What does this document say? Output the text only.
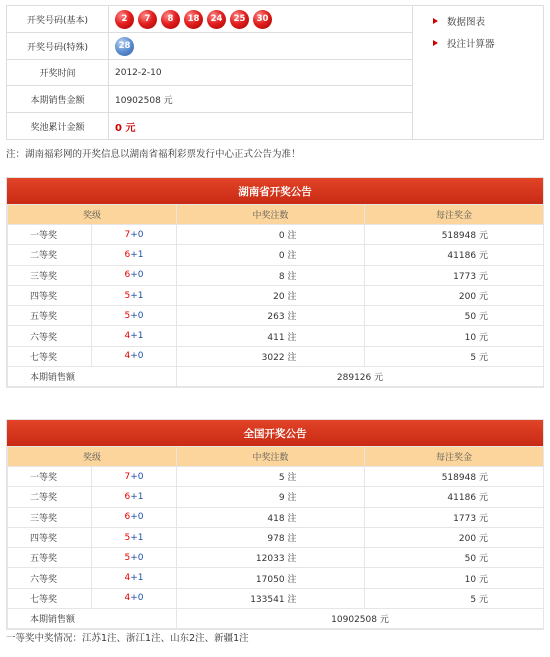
开奖号码(基本)	2	7	8	18	24	25	30
开奖号码(特殊)	28
开奖时间	2012-2-10
本期销售金额	10902508 元
奖池累计金额	0 元
数据图表
投注计算器
注：湖南福彩网的开奖信息以湖南省福利彩票发行中心正式公告为准！
湖南省开奖公告
奖级		中奖注数	每注奖金
一等奖	7+0	0 注	518948 元
二等奖	6+1	0 注	41186 元
三等奖	6+0	8 注	1773 元
四等奖	5+1	20 注	200 元
五等奖	5+0	263 注	50 元
六等奖	4+1	411 注	10 元
七等奖	4+0	3022 注	5 元
本期销售额		289126 元	
全国开奖公告
奖级		中奖注数	每注奖金
一等奖	7+0	5 注	518948 元
二等奖	6+1	9 注	41186 元
三等奖	6+0	418 注	1773 元
四等奖	5+1	978 注	200 元
五等奖	5+0	12033 注	50 元
六等奖	4+1	17050 注	10 元
七等奖	4+0	133541 注	5 元
本期销售额		10902508 元	
一等奖中奖情况：江苏1注、浙江1注、山东2注、新疆1注
